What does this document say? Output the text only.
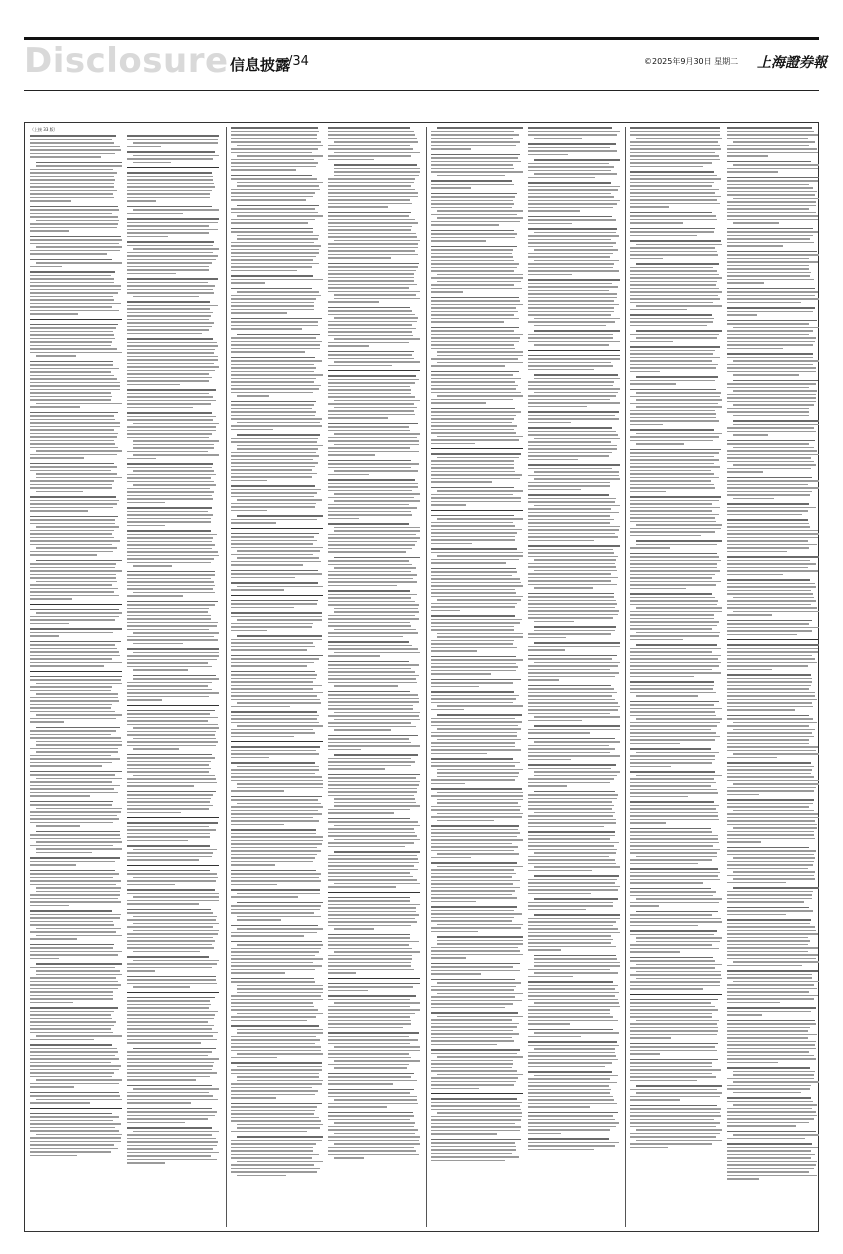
Disclosure 信息披露
/34	©2025年9月30日 星期二 上海證券報
（上接 33 版）
